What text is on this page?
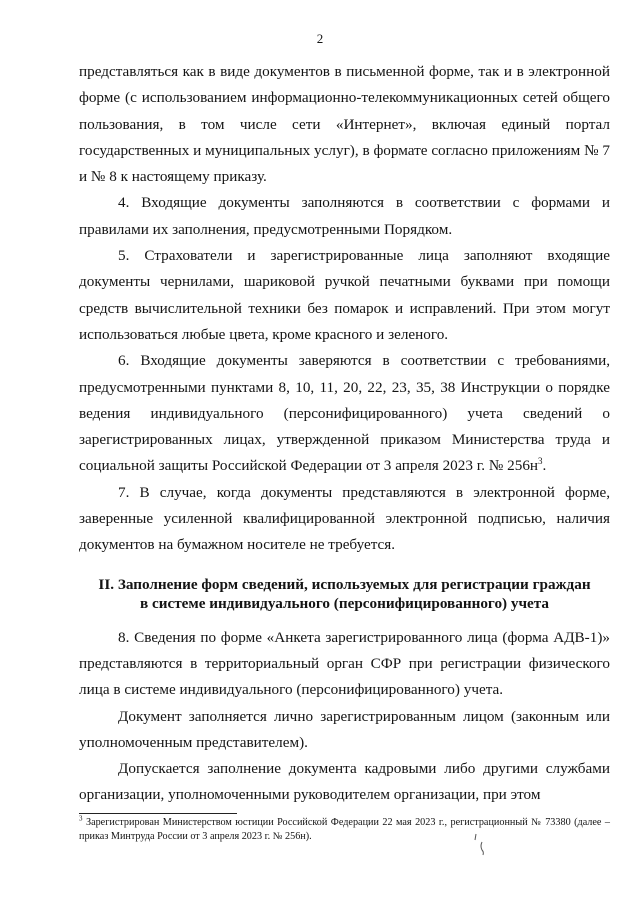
2

представляться как в виде документов в письменной форме, так и в электронной форме (с использованием информационно-телекоммуникационных сетей общего пользования, в том числе сети «Интернет», включая единый портал государственных и муниципальных услуг), в формате согласно приложениям № 7 и № 8 к настоящему приказу.

4. Входящие документы заполняются в соответствии с формами и правилами их заполнения, предусмотренными Порядком.

5. Страхователи и зарегистрированные лица заполняют входящие документы чернилами, шариковой ручкой печатными буквами при помощи средств вычислительной техники без помарок и исправлений. При этом могут использоваться любые цвета, кроме красного и зеленого.

6. Входящие документы заверяются в соответствии с требованиями, предусмотренными пунктами 8, 10, 11, 20, 22, 23, 35, 38 Инструкции о порядке ведения индивидуального (персонифицированного) учета сведений о зарегистрированных лицах, утвержденной приказом Министерства труда и социальной защиты Российской Федерации от 3 апреля 2023 г. № $256н^3$.

7. В случае, когда документы представляются в электронной форме, заверенные усиленной квалифицированной электронной подписью, наличия документов на бумажном носителе не требуется.

II. Заполнение форм сведений, используемых для регистрации граждан
в системе индивидуального (персонифицированного) учета

8. Сведения по форме «Анкета зарегистрированного лица (форма АДВ-1)» представляются в территориальный орган СФР при регистрации физического лица в системе индивидуального (персонифицированного) учета.

Документ заполняется лично зарегистрированным лицом (законным или уполномоченным представителем).

Допускается заполнение документа кадровыми либо другими службами организации, уполномоченными руководителем организации, при этом

$^3$ Зарегистрирован Министерством юстиции Российской Федерации 22 мая 2023 г., регистрационный № 73380 (далее – приказ Минтруда России от 3 апреля 2023 г. № 256н).
